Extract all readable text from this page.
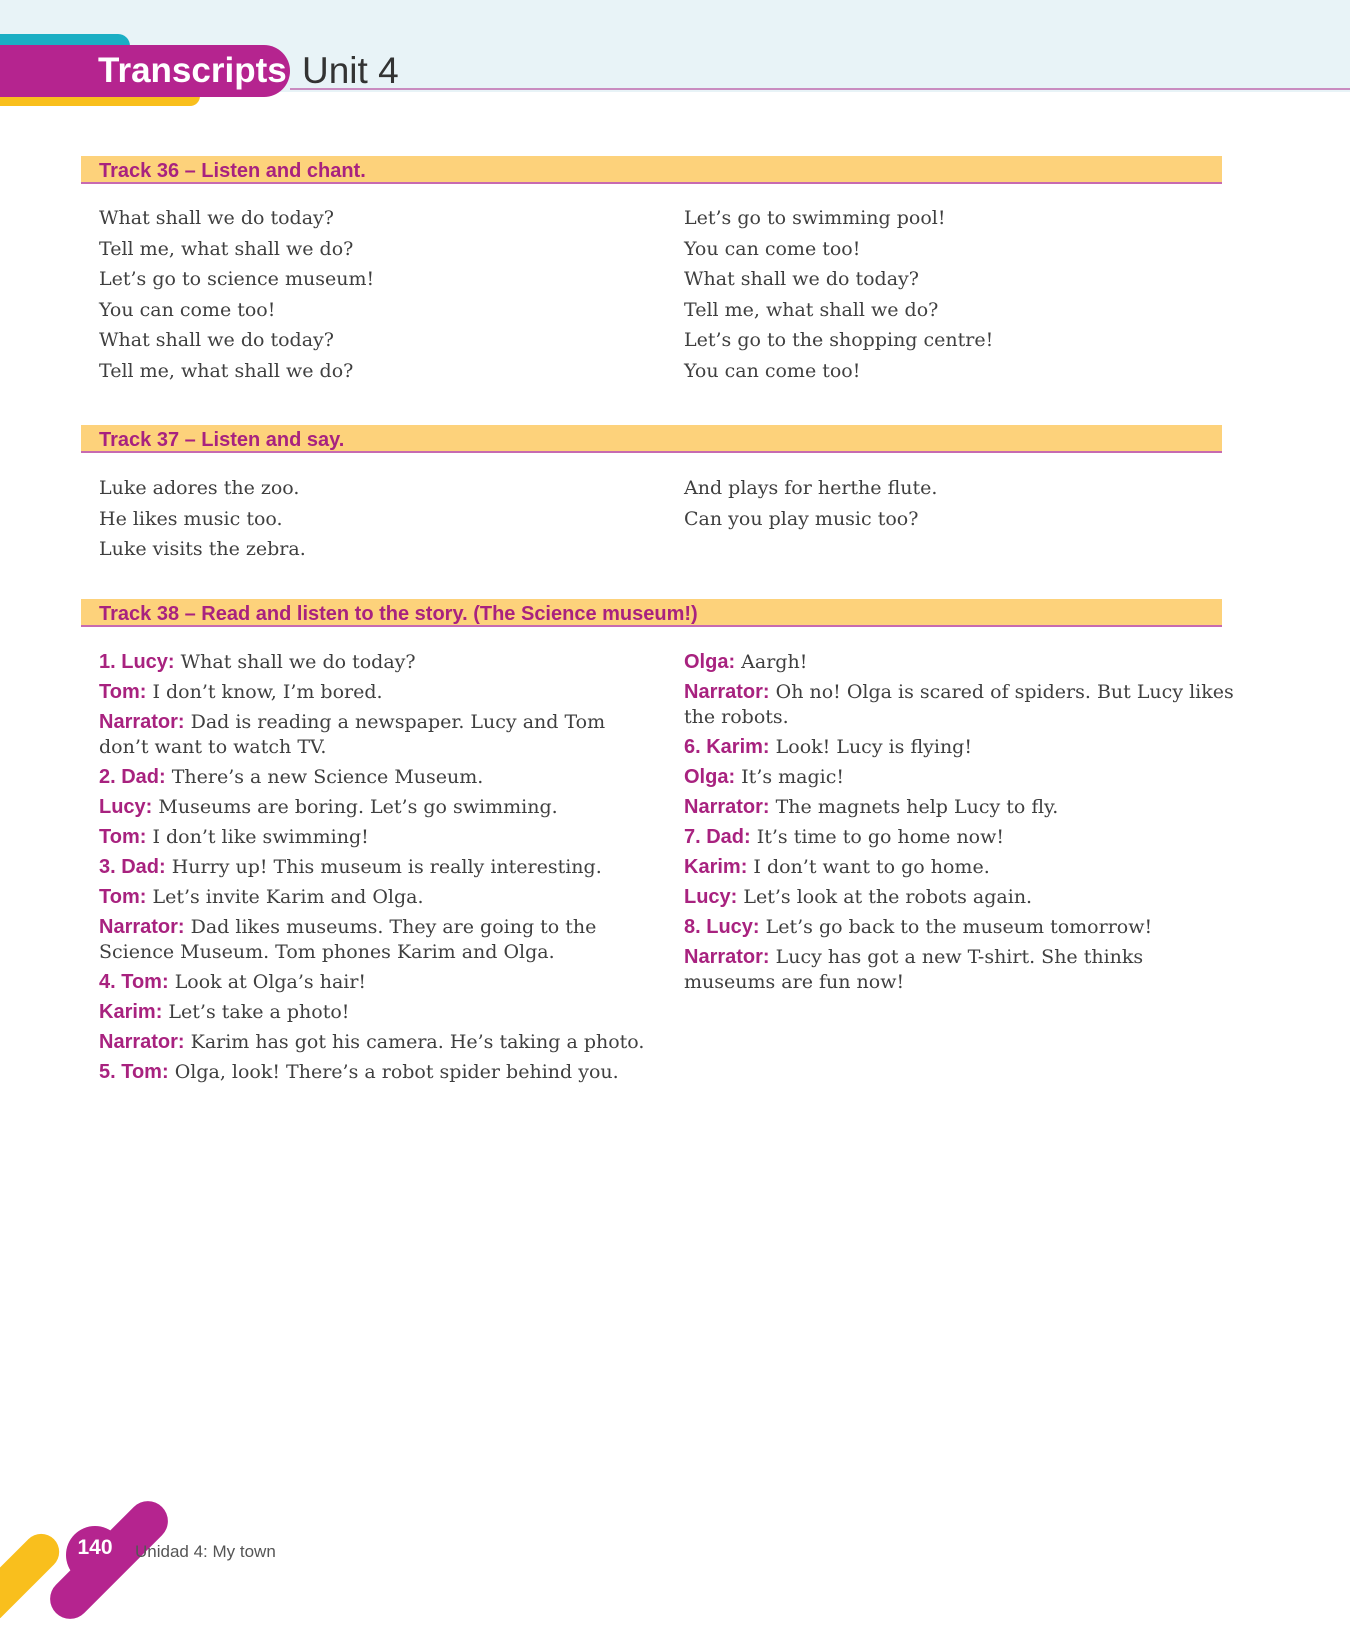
Transcripts Unit 4
Track 36 – Listen and chant.
What shall we do today?
Tell me, what shall we do?
Let’s go to science museum!
You can come too!
What shall we do today?
Tell me, what shall we do?
Let’s go to swimming pool!
You can come too!
What shall we do today?
Tell me, what shall we do?
Let’s go to the shopping centre!
You can come too!
Track 37 – Listen and say.
Luke adores the zoo.
He likes music too.
Luke visits the zebra.
And plays for herthe flute.
Can you play music too?
Track 38 – Read and listen to the story. (The Science museum!)
1. Lucy: What shall we do today?
Tom: I don’t know, I’m bored.
Narrator: Dad is reading a newspaper. Lucy and Tom don’t want to watch TV.
2. Dad: There’s a new Science Museum.
Lucy: Museums are boring. Let’s go swimming.
Tom: I don’t like swimming!
3. Dad: Hurry up! This museum is really interesting.
Tom: Let’s invite Karim and Olga.
Narrator: Dad likes museums. They are going to the Science Museum. Tom phones Karim and Olga.
4. Tom: Look at Olga’s hair!
Karim: Let’s take a photo!
Narrator: Karim has got his camera. He’s taking a photo.
5. Tom: Olga, look! There’s a robot spider behind you.
Olga: Aargh!
Narrator: Oh no! Olga is scared of spiders. But Lucy likes the robots.
6. Karim: Look! Lucy is flying!
Olga: It’s magic!
Narrator: The magnets help Lucy to fly.
7. Dad: It’s time to go home now!
Karim: I don’t want to go home.
Lucy: Let’s look at the robots again.
8. Lucy: Let’s go back to the museum tomorrow!
Narrator: Lucy has got a new T-shirt. She thinks museums are fun now!
140	Unidad 4: My town
